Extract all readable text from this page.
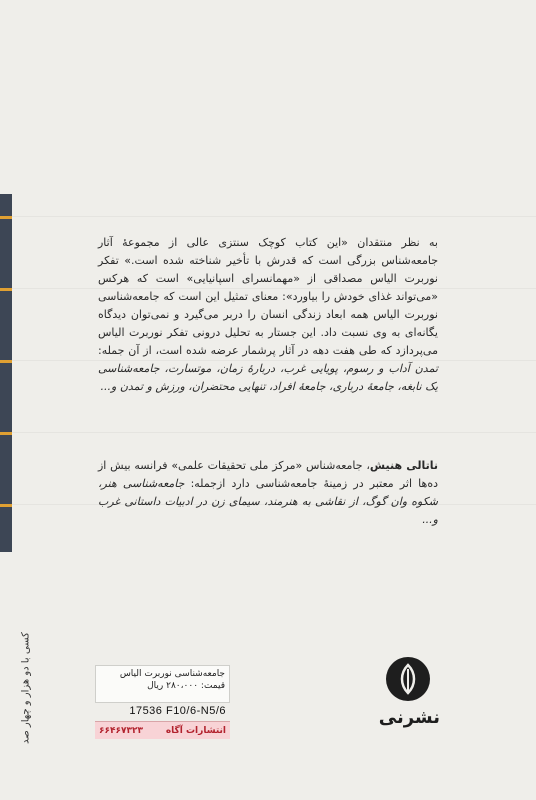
به نظر منتقدان «این کتاب کوچک سنتزی عالی از مجموعهٔ آثار جامعه‌شناس بزرگی است که قدرش با تأخیر شناخته شده است.» تفکر نوربرت الیاس مصداقی از «مهمانسرای اسپانیایی» است که هرکس «می‌تواند غذای خودش را بیاورد»: معنای تمثیل این است که جامعه‌شناسی نوربرت الیاس همه ابعاد زندگی انسان را دربر می‌گیرد و نمی‌توان دیدگاه یگانه‌ای به وی نسبت داد. این جستار به تحلیل درونی تفکر نوربرت الیاس می‌پردازد که طی هفت دهه در آثار پرشمار عرضه شده است، از آن جمله: تمدن آداب و رسوم، پویایی غرب، دربارهٔ زمان، موتسارت، جامعه‌شناسی یک نابغه، جامعهٔ درباری، جامعهٔ افراد، تنهایی محتضران، ورزش و تمدن و...
ناتالی هنیش، جامعه‌شناس «مرکز ملی تحقیقات علمی» فرانسه بیش از ده‌ها اثر معتبر در زمینهٔ جامعه‌شناسی دارد ازجمله: جامعه‌شناسی هنر، شکوه وان گوگ، از نقاشی به هنرمند، سیمای زن در ادبیات داستانی غرب و...
کسی با دو هزار و چهار صد	جامعه‌شناسی نوربرت الیاس
قیمت: ۲۸۰،۰۰۰ ریال
17536 F10/6-N5/6
انتشارات آگاه
۶۶۴۶۷۳۲۳
نشرنی
